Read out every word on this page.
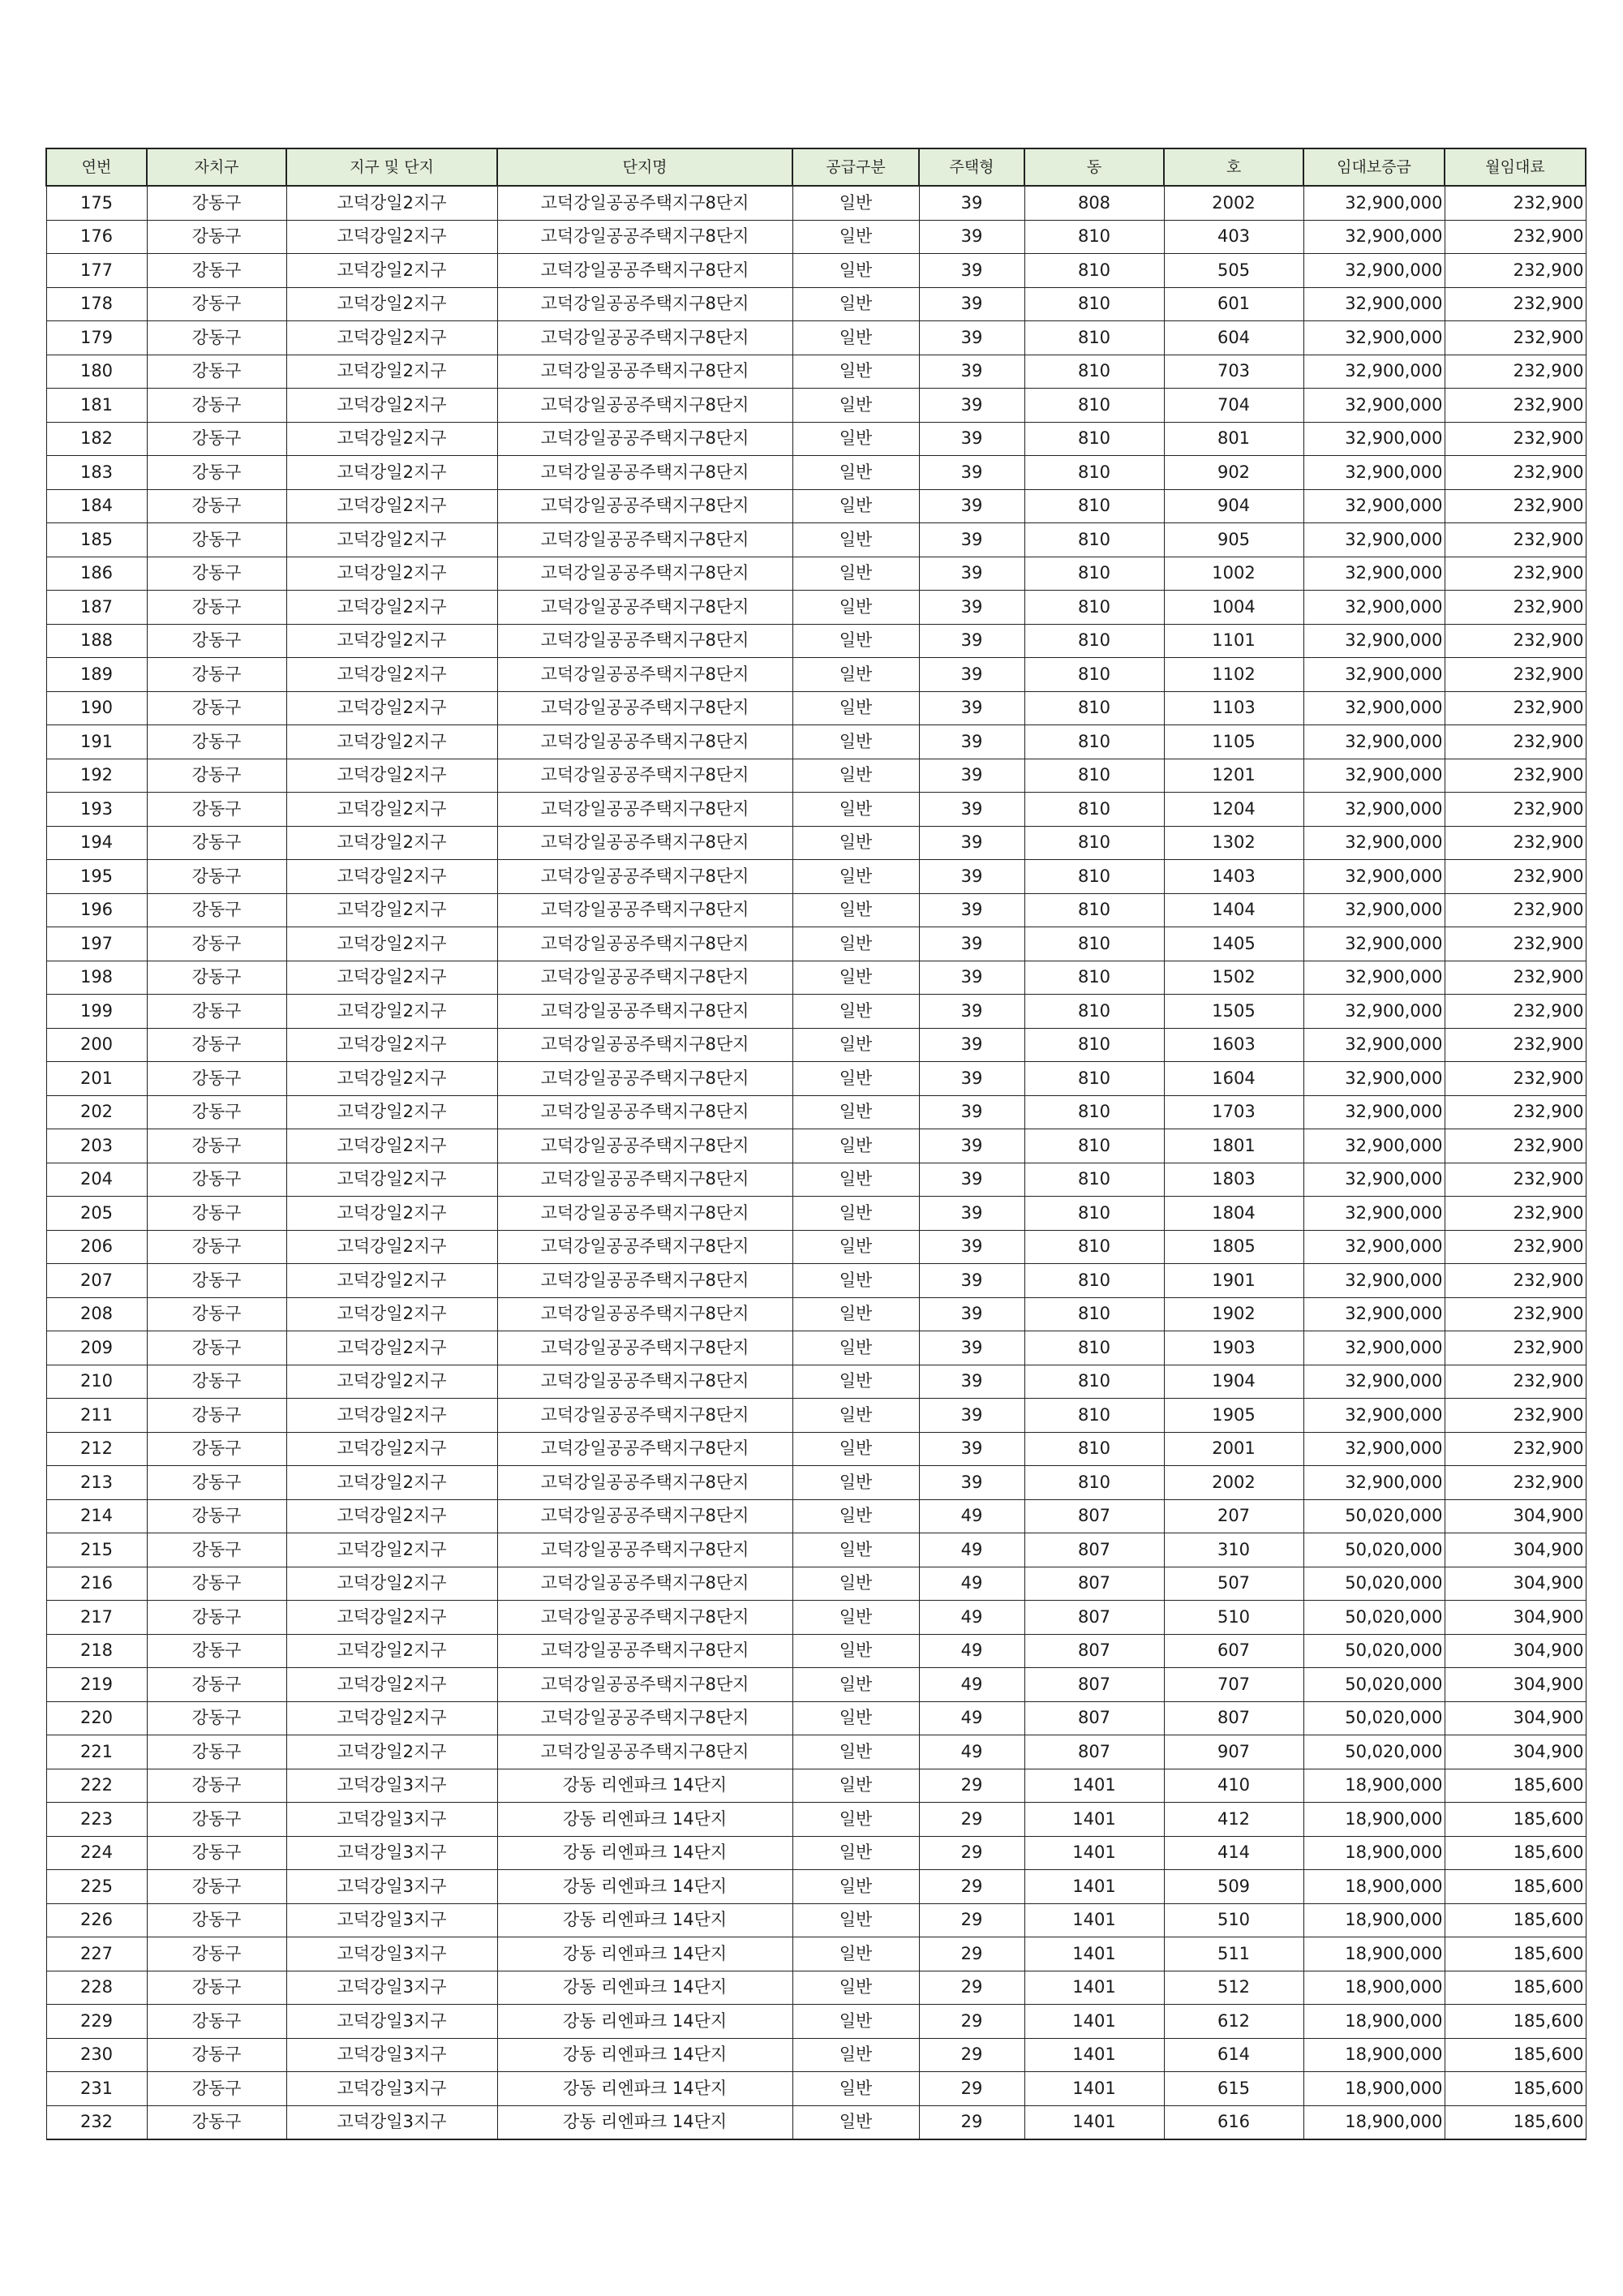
연번	자치구	지구 및 단지	단지명	공급구분	주택형	동	호	임대보증금	월임대료
175	강동구	고덕강일2지구	고덕강일공공주택지구8단지	일반	39	808	2002	32,900,000	232,900
176	강동구	고덕강일2지구	고덕강일공공주택지구8단지	일반	39	810	403	32,900,000	232,900
177	강동구	고덕강일2지구	고덕강일공공주택지구8단지	일반	39	810	505	32,900,000	232,900
178	강동구	고덕강일2지구	고덕강일공공주택지구8단지	일반	39	810	601	32,900,000	232,900
179	강동구	고덕강일2지구	고덕강일공공주택지구8단지	일반	39	810	604	32,900,000	232,900
180	강동구	고덕강일2지구	고덕강일공공주택지구8단지	일반	39	810	703	32,900,000	232,900
181	강동구	고덕강일2지구	고덕강일공공주택지구8단지	일반	39	810	704	32,900,000	232,900
182	강동구	고덕강일2지구	고덕강일공공주택지구8단지	일반	39	810	801	32,900,000	232,900
183	강동구	고덕강일2지구	고덕강일공공주택지구8단지	일반	39	810	902	32,900,000	232,900
184	강동구	고덕강일2지구	고덕강일공공주택지구8단지	일반	39	810	904	32,900,000	232,900
185	강동구	고덕강일2지구	고덕강일공공주택지구8단지	일반	39	810	905	32,900,000	232,900
186	강동구	고덕강일2지구	고덕강일공공주택지구8단지	일반	39	810	1002	32,900,000	232,900
187	강동구	고덕강일2지구	고덕강일공공주택지구8단지	일반	39	810	1004	32,900,000	232,900
188	강동구	고덕강일2지구	고덕강일공공주택지구8단지	일반	39	810	1101	32,900,000	232,900
189	강동구	고덕강일2지구	고덕강일공공주택지구8단지	일반	39	810	1102	32,900,000	232,900
190	강동구	고덕강일2지구	고덕강일공공주택지구8단지	일반	39	810	1103	32,900,000	232,900
191	강동구	고덕강일2지구	고덕강일공공주택지구8단지	일반	39	810	1105	32,900,000	232,900
192	강동구	고덕강일2지구	고덕강일공공주택지구8단지	일반	39	810	1201	32,900,000	232,900
193	강동구	고덕강일2지구	고덕강일공공주택지구8단지	일반	39	810	1204	32,900,000	232,900
194	강동구	고덕강일2지구	고덕강일공공주택지구8단지	일반	39	810	1302	32,900,000	232,900
195	강동구	고덕강일2지구	고덕강일공공주택지구8단지	일반	39	810	1403	32,900,000	232,900
196	강동구	고덕강일2지구	고덕강일공공주택지구8단지	일반	39	810	1404	32,900,000	232,900
197	강동구	고덕강일2지구	고덕강일공공주택지구8단지	일반	39	810	1405	32,900,000	232,900
198	강동구	고덕강일2지구	고덕강일공공주택지구8단지	일반	39	810	1502	32,900,000	232,900
199	강동구	고덕강일2지구	고덕강일공공주택지구8단지	일반	39	810	1505	32,900,000	232,900
200	강동구	고덕강일2지구	고덕강일공공주택지구8단지	일반	39	810	1603	32,900,000	232,900
201	강동구	고덕강일2지구	고덕강일공공주택지구8단지	일반	39	810	1604	32,900,000	232,900
202	강동구	고덕강일2지구	고덕강일공공주택지구8단지	일반	39	810	1703	32,900,000	232,900
203	강동구	고덕강일2지구	고덕강일공공주택지구8단지	일반	39	810	1801	32,900,000	232,900
204	강동구	고덕강일2지구	고덕강일공공주택지구8단지	일반	39	810	1803	32,900,000	232,900
205	강동구	고덕강일2지구	고덕강일공공주택지구8단지	일반	39	810	1804	32,900,000	232,900
206	강동구	고덕강일2지구	고덕강일공공주택지구8단지	일반	39	810	1805	32,900,000	232,900
207	강동구	고덕강일2지구	고덕강일공공주택지구8단지	일반	39	810	1901	32,900,000	232,900
208	강동구	고덕강일2지구	고덕강일공공주택지구8단지	일반	39	810	1902	32,900,000	232,900
209	강동구	고덕강일2지구	고덕강일공공주택지구8단지	일반	39	810	1903	32,900,000	232,900
210	강동구	고덕강일2지구	고덕강일공공주택지구8단지	일반	39	810	1904	32,900,000	232,900
211	강동구	고덕강일2지구	고덕강일공공주택지구8단지	일반	39	810	1905	32,900,000	232,900
212	강동구	고덕강일2지구	고덕강일공공주택지구8단지	일반	39	810	2001	32,900,000	232,900
213	강동구	고덕강일2지구	고덕강일공공주택지구8단지	일반	39	810	2002	32,900,000	232,900
214	강동구	고덕강일2지구	고덕강일공공주택지구8단지	일반	49	807	207	50,020,000	304,900
215	강동구	고덕강일2지구	고덕강일공공주택지구8단지	일반	49	807	310	50,020,000	304,900
216	강동구	고덕강일2지구	고덕강일공공주택지구8단지	일반	49	807	507	50,020,000	304,900
217	강동구	고덕강일2지구	고덕강일공공주택지구8단지	일반	49	807	510	50,020,000	304,900
218	강동구	고덕강일2지구	고덕강일공공주택지구8단지	일반	49	807	607	50,020,000	304,900
219	강동구	고덕강일2지구	고덕강일공공주택지구8단지	일반	49	807	707	50,020,000	304,900
220	강동구	고덕강일2지구	고덕강일공공주택지구8단지	일반	49	807	807	50,020,000	304,900
221	강동구	고덕강일2지구	고덕강일공공주택지구8단지	일반	49	807	907	50,020,000	304,900
222	강동구	고덕강일3지구	강동 리엔파크 14단지	일반	29	1401	410	18,900,000	185,600
223	강동구	고덕강일3지구	강동 리엔파크 14단지	일반	29	1401	412	18,900,000	185,600
224	강동구	고덕강일3지구	강동 리엔파크 14단지	일반	29	1401	414	18,900,000	185,600
225	강동구	고덕강일3지구	강동 리엔파크 14단지	일반	29	1401	509	18,900,000	185,600
226	강동구	고덕강일3지구	강동 리엔파크 14단지	일반	29	1401	510	18,900,000	185,600
227	강동구	고덕강일3지구	강동 리엔파크 14단지	일반	29	1401	511	18,900,000	185,600
228	강동구	고덕강일3지구	강동 리엔파크 14단지	일반	29	1401	512	18,900,000	185,600
229	강동구	고덕강일3지구	강동 리엔파크 14단지	일반	29	1401	612	18,900,000	185,600
230	강동구	고덕강일3지구	강동 리엔파크 14단지	일반	29	1401	614	18,900,000	185,600
231	강동구	고덕강일3지구	강동 리엔파크 14단지	일반	29	1401	615	18,900,000	185,600
232	강동구	고덕강일3지구	강동 리엔파크 14단지	일반	29	1401	616	18,900,000	185,600
